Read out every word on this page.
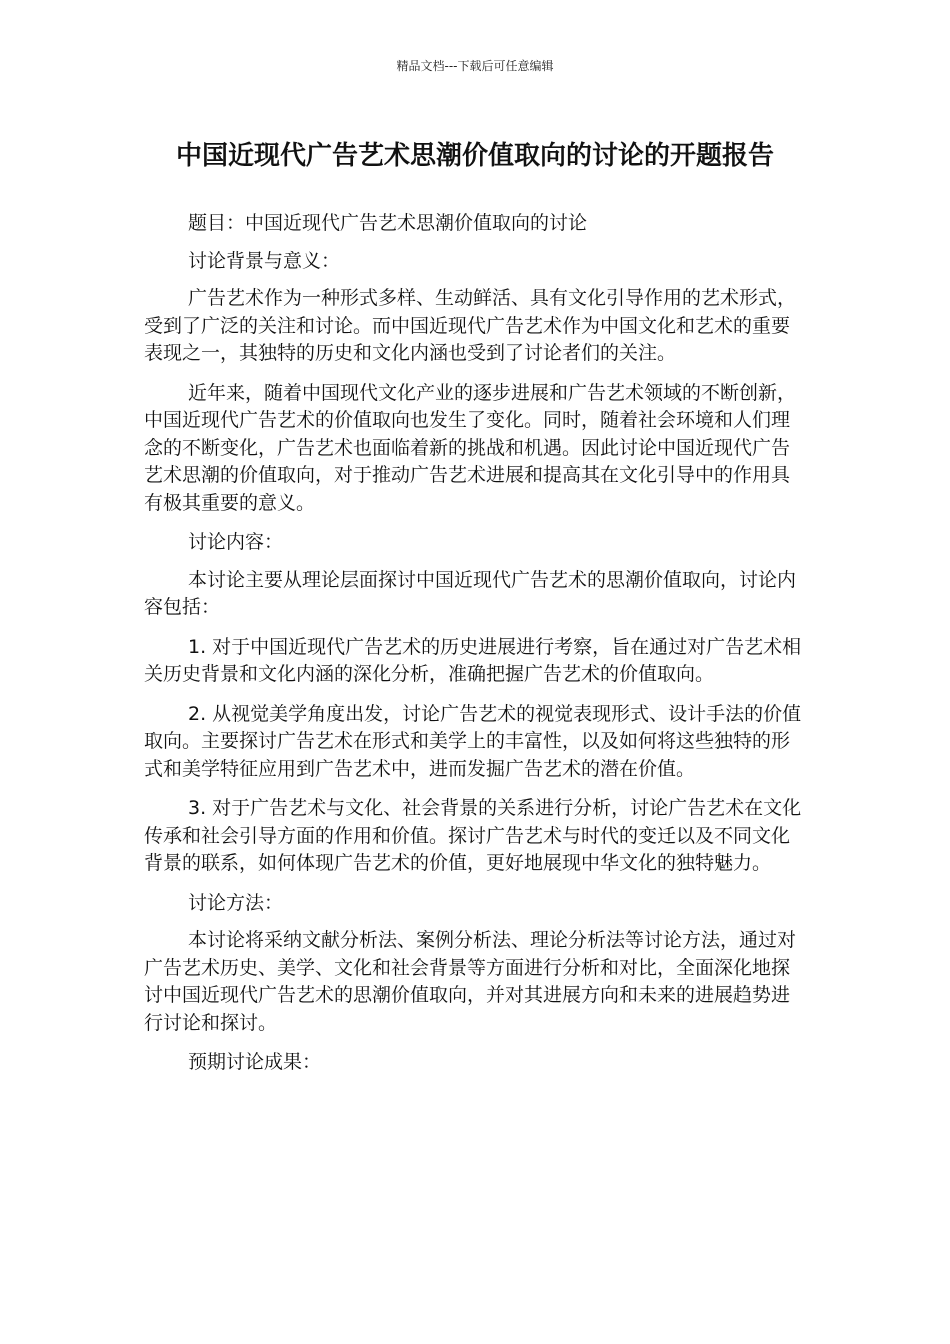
精品文档---下载后可任意编辑
中国近现代广告艺术思潮价值取向的讨论的开题报告

题目：中国近现代广告艺术思潮价值取向的讨论

讨论背景与意义：

广告艺术作为一种形式多样、生动鲜活、具有文化引导作用的艺术形式，受到了广泛的关注和讨论。而中国近现代广告艺术作为中国文化和艺术的重要表现之一，其独特的历史和文化内涵也受到了讨论者们的关注。

近年来，随着中国现代文化产业的逐步进展和广告艺术领域的不断创新，中国近现代广告艺术的价值取向也发生了变化。同时，随着社会环境和人们理念的不断变化，广告艺术也面临着新的挑战和机遇。因此讨论中国近现代广告艺术思潮的价值取向，对于推动广告艺术进展和提高其在文化引导中的作用具有极其重要的意义。

讨论内容：

本讨论主要从理论层面探讨中国近现代广告艺术的思潮价值取向，讨论内容包括：

1. 对于中国近现代广告艺术的历史进展进行考察，旨在通过对广告艺术相关历史背景和文化内涵的深化分析，准确把握广告艺术的价值取向。

2. 从视觉美学角度出发，讨论广告艺术的视觉表现形式、设计手法的价值取向。主要探讨广告艺术在形式和美学上的丰富性，以及如何将这些独特的形式和美学特征应用到广告艺术中，进而发掘广告艺术的潜在价值。

3. 对于广告艺术与文化、社会背景的关系进行分析，讨论广告艺术在文化传承和社会引导方面的作用和价值。探讨广告艺术与时代的变迁以及不同文化背景的联系，如何体现广告艺术的价值，更好地展现中华文化的独特魅力。

讨论方法：

本讨论将采纳文献分析法、案例分析法、理论分析法等讨论方法，通过对广告艺术历史、美学、文化和社会背景等方面进行分析和对比，全面深化地探讨中国近现代广告艺术的思潮价值取向，并对其进展方向和未来的进展趋势进行讨论和探讨。

预期讨论成果：
